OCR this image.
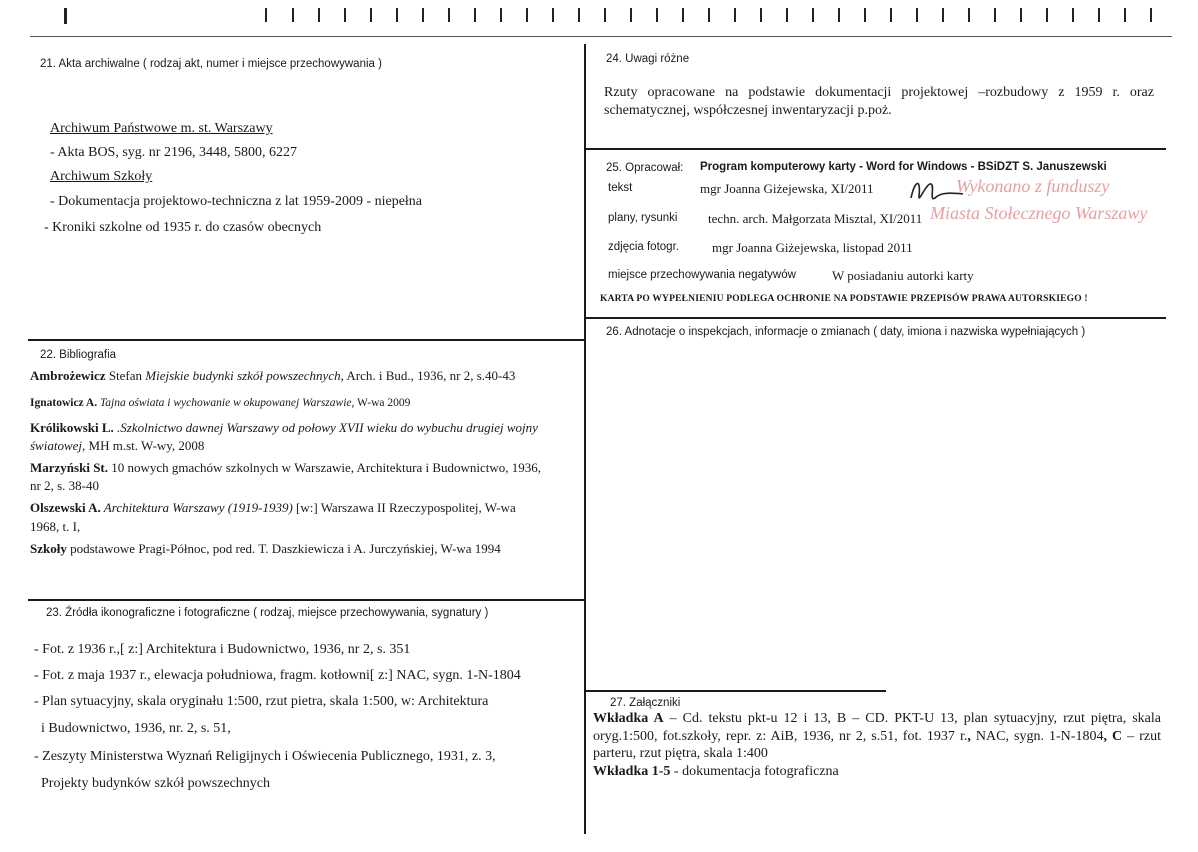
21. Akta archiwalne ( rodzaj akt, numer i miejsce przechowywania )
Archiwum Państwowe m. st. Warszawy
- Akta BOS, syg. nr 2196, 3448, 5800, 6227
Archiwum Szkoły
- Dokumentacja projektowo-techniczna z lat 1959-2009 - niepełna
- Kroniki szkolne od 1935 r. do czasów obecnych
22. Bibliografia
Ambrożewicz Stefan Miejskie budynki szkół powszechnych, Arch. i Bud., 1936, nr 2, s.40-43
Ignatowicz A. Tajna oświata i wychowanie w okupowanej Warszawie, W-wa 2009
Królikowski L. .Szkolnictwo dawnej Warszawy od połowy XVII wieku do wybuchu drugiej wojny
światowej, MH m.st. W-wy, 2008
Marzyński St. 10 nowych gmachów szkolnych w Warszawie, Architektura i Budownictwo, 1936,
nr 2, s. 38-40
Olszewski A. Architektura Warszawy (1919-1939) [w:] Warszawa II Rzeczypospolitej, W-wa
1968, t. I,
Szkoły podstawowe Pragi-Północ, pod red. T. Daszkiewicza i A. Jurczyńskiej, W-wa 1994
23. Źródła ikonograficzne i fotograficzne ( rodzaj, miejsce przechowywania, sygnatury )
- Fot. z 1936 r.,[ z:] Architektura i Budownictwo, 1936, nr 2, s. 351
- Fot. z maja 1937 r., elewacja południowa, fragm. kotłowni[ z:] NAC, sygn. 1-N-1804
- Plan sytuacyjny, skala oryginału 1:500, rzut pietra, skala 1:500, w: Architektura
i Budownictwo, 1936, nr. 2, s. 51,
- Zeszyty Ministerstwa Wyznań Religijnych i Oświecenia Publicznego, 1931, z. 3,
Projekty budynków szkół powszechnych
24. Uwagi różne
Rzuty opracowane na podstawie dokumentacji projektowej –rozbudowy z 1959 r. oraz schematycznej, współczesnej inwentaryzacji p.poż.
25. Opracował: Program komputerowy karty - Word for Windows - BSiDZT S. Januszewski
tekst	mgr Joanna Giżejewska, XI/2011
plany, rysunki techn. arch. Małgorzata Misztal, XI/2011
zdjęcia fotogr.	mgr Joanna Giżejewska, listopad 2011
miejsce przechowywania negatywów	W posiadaniu autorki karty
Wykonano z funduszy
Miasta Stołecznego Warszawy
KARTA PO WYPEŁNIENIU PODLEGA OCHRONIE NA PODSTAWIE PRZEPISÓW PRAWA AUTORSKIEGO !
26. Adnotacje o inspekcjach, informacje o zmianach ( daty, imiona i nazwiska wypełniających )
27. Załączniki
Wkładka A – Cd. tekstu pkt-u 12 i 13, B – CD. PKT-U 13, plan sytuacyjny, rzut piętra, skala oryg.1:500, fot.szkoły, repr. z: AiB, 1936, nr 2, s.51, fot. 1937 r., NAC, sygn. 1-N-1804, C – rzut parteru, rzut piętra, skala 1:400
Wkładka 1-5 - dokumentacja fotograficzna
